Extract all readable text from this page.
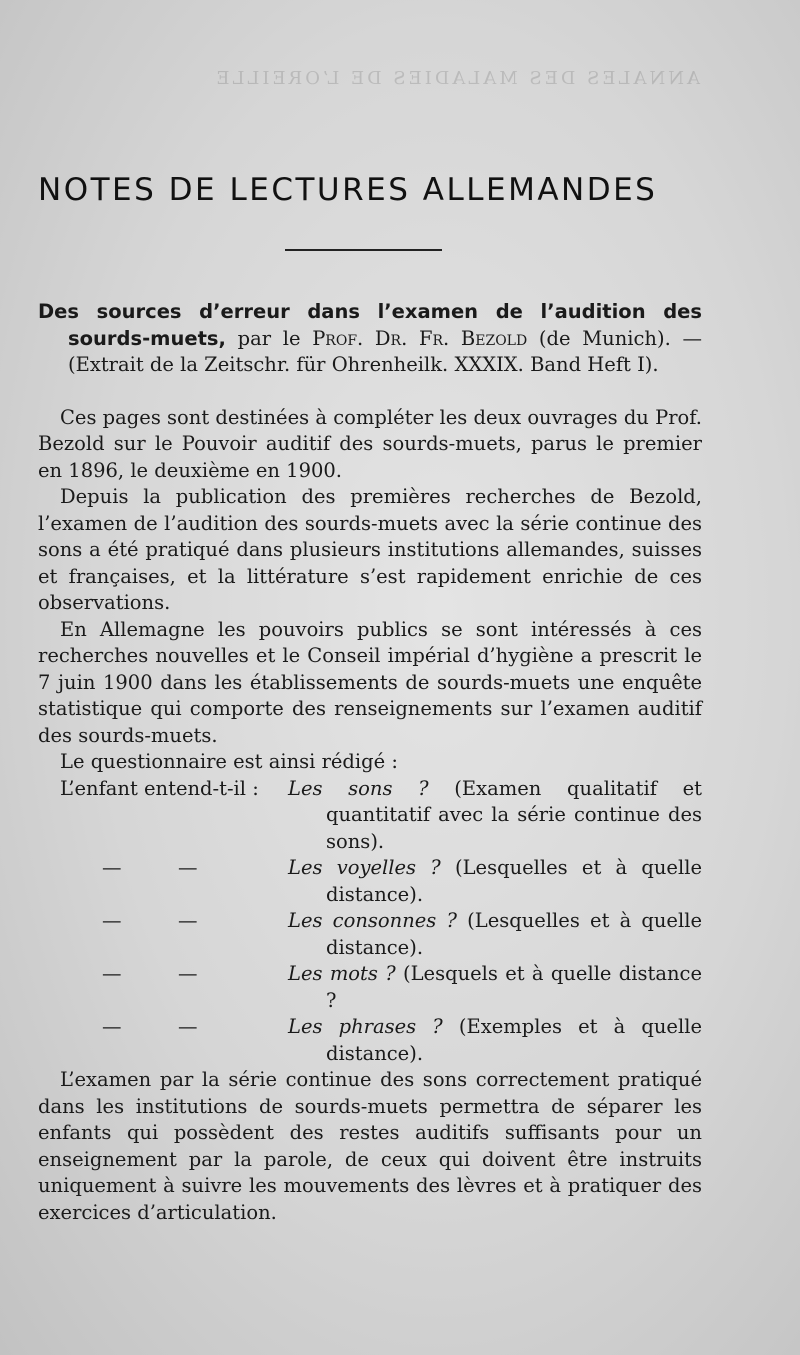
ANNALES DES MALADIES DE L’OREILLE
NOTES DE LECTURES ALLEMANDES

Des sources d’erreur dans l’examen de l’audition des sourds-muets, par le Prof. Dr. Fr. Bezold (de Munich). — (Extrait de la Zeitschr. für Ohrenheilk. XXXIX. Band Heft I).

Ces pages sont destinées à compléter les deux ouvrages du Prof. Bezold sur le Pouvoir auditif des sourds-muets, parus le premier en 1896, le deuxième en 1900.

Depuis la publication des premières recherches de Bezold, l’examen de l’audition des sourds-muets avec la série continue des sons a été pratiqué dans plusieurs institutions allemandes, suisses et françaises, et la littérature s’est rapidement enrichie de ces observations.

En Allemagne les pouvoirs publics se sont intéressés à ces recherches nouvelles et le Conseil impérial d’hygiène a prescrit le 7 juin 1900 dans les établissements de sourds-muets une enquête statistique qui comporte des renseignements sur l’examen auditif des sourds-muets.

Le questionnaire est ainsi rédigé :

L’enfant entend-t-il :	Les sons ? (Examen qualitatif et quantitatif avec la série continue des sons).
—	—	Les voyelles ? (Lesquelles et à quelle distance).
—	—	Les consonnes ? (Lesquelles et à quelle distance).
—	—	Les mots ? (Lesquels et à quelle distance ?
—	—	Les phrases ? (Exemples et à quelle distance).

L’examen par la série continue des sons correctement pratiqué dans les institutions de sourds-muets permettra de séparer les enfants qui possèdent des restes auditifs suffisants pour un enseignement par la parole, de ceux qui doivent être instruits uniquement à suivre les mouvements des lèvres et à pratiquer des exercices d’articulation.
